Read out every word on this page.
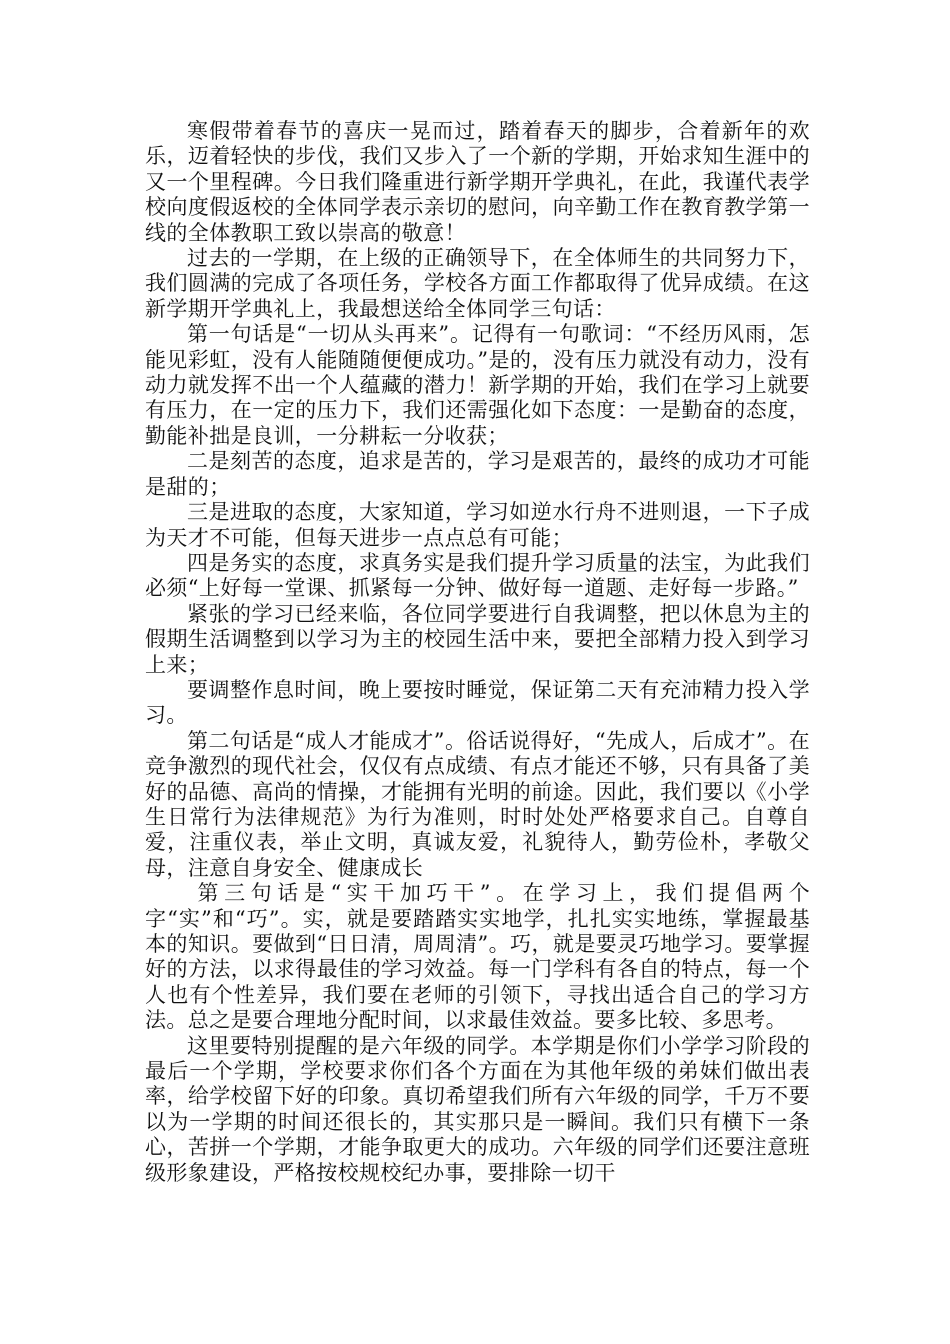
寒假带着春节的喜庆一晃而过，踏着春天的脚步，合着新年的欢乐，迈着轻快的步伐，我们又步入了一个新的学期，开始求知生涯中的又一个里程碑。今日我们隆重进行新学期开学典礼，在此，我谨代表学校向度假返校的全体同学表示亲切的慰问，向辛勤工作在教育教学第一线的全体教职工致以崇高的敬意！

过去的一学期，在上级的正确领导下，在全体师生的共同努力下，我们圆满的完成了各项任务，学校各方面工作都取得了优异成绩。在这新学期开学典礼上，我最想送给全体同学三句话：

第一句话是“一切从头再来”。记得有一句歌词：“不经历风雨，怎能见彩虹，没有人能随随便便成功。”是的，没有压力就没有动力，没有动力就发挥不出一个人蕴藏的潜力！新学期的开始，我们在学习上就要有压力，在一定的压力下，我们还需强化如下态度：一是勤奋的态度，勤能补拙是良训，一分耕耘一分收获；

二是刻苦的态度，追求是苦的，学习是艰苦的，最终的成功才可能是甜的；

三是进取的态度，大家知道，学习如逆水行舟不进则退，一下子成为天才不可能，但每天进步一点点总有可能；

四是务实的态度，求真务实是我们提升学习质量的法宝，为此我们必须“上好每一堂课、抓紧每一分钟、做好每一道题、走好每一步路。”

紧张的学习已经来临，各位同学要进行自我调整，把以休息为主的假期生活调整到以学习为主的校园生活中来，要把全部精力投入到学习上来；

要调整作息时间，晚上要按时睡觉，保证第二天有充沛精力投入学习。

第二句话是“成人才能成才”。俗话说得好，“先成人，后成才”。在竞争激烈的现代社会，仅仅有点成绩、有点才能还不够，只有具备了美好的品德、高尚的情操，才能拥有光明的前途。因此，我们要以《小学生日常行为法律规范》为行为准则，时时处处严格要求自己。自尊自爱，注重仪表，举止文明，真诚友爱，礼貌待人，勤劳俭朴，孝敬父母，注意自身安全、健康成长

第三句话是“实干加巧干”。在学习上，我们提倡两个字“实”和“巧”。实，就是要踏踏实实地学，扎扎实实地练，掌握最基本的知识。要做到“日日清，周周清”。巧，就是要灵巧地学习。要掌握好的方法，以求得最佳的学习效益。每一门学科有各自的特点，每一个人也有个性差异，我们要在老师的引领下，寻找出适合自己的学习方法。总之是要合理地分配时间，以求最佳效益。要多比较、多思考。

这里要特别提醒的是六年级的同学。本学期是你们小学学习阶段的最后一个学期，学校要求你们各个方面在为其他年级的弟妹们做出表率，给学校留下好的印象。真切希望我们所有六年级的同学，千万不要以为一学期的时间还很长的，其实那只是一瞬间。我们只有横下一条心，苦拼一个学期，才能争取更大的成功。六年级的同学们还要注意班级形象建设，严格按校规校纪办事，要排除一切干
